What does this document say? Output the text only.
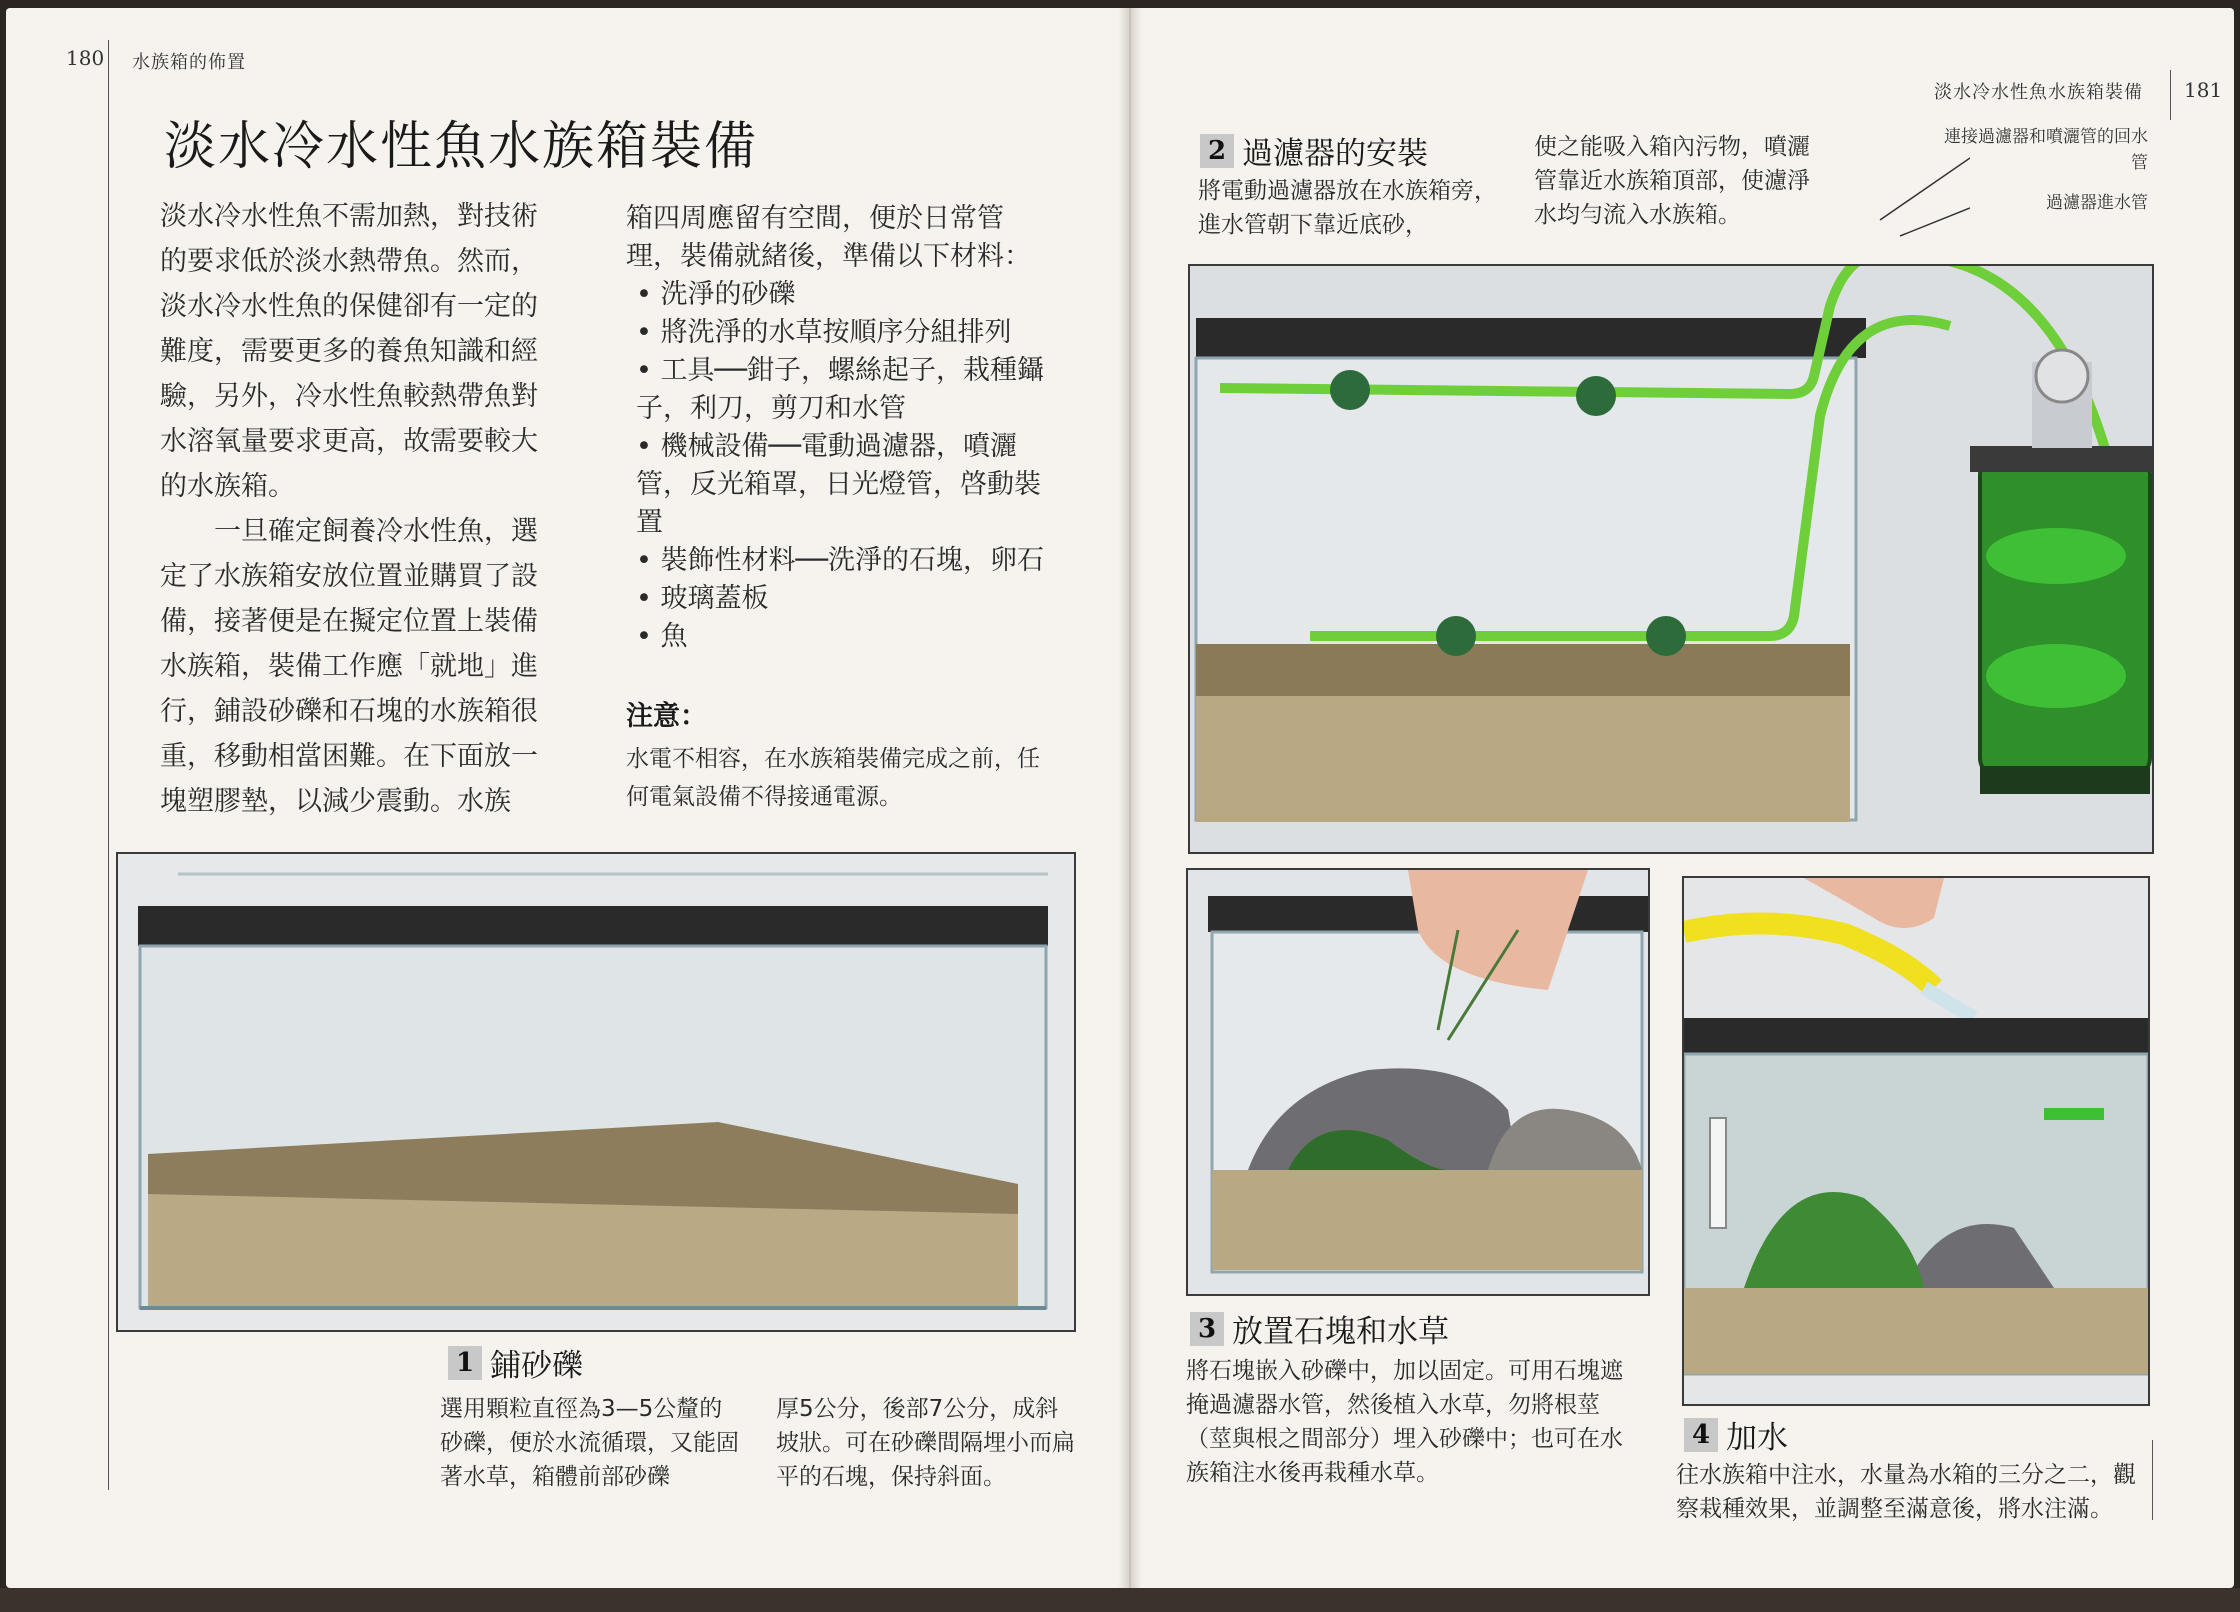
180 水族箱的佈置
淡水冷水性魚水族箱裝備

淡水冷水性魚不需加熱，對技術的要求低於淡水熱帶魚。然而，淡水冷水性魚的保健卻有一定的難度，需要更多的養魚知識和經驗，另外，冷水性魚較熱帶魚對水溶氧量要求更高，故需要較大的水族箱。

一旦確定飼養冷水性魚，選定了水族箱安放位置並購買了設備，接著便是在擬定位置上裝備水族箱，裝備工作應「就地」進行，鋪設砂礫和石塊的水族箱很重，移動相當困難。在下面放一塊塑膠墊，以減少震動。水族

箱四周應留有空間，便於日常管理，裝備就緒後，準備以下材料：
• 洗淨的砂礫
• 將洗淨的水草按順序分組排列
• 工具──鉗子，螺絲起子，栽種鑷子，利刀，剪刀和水管
• 機械設備──電動過濾器，噴灑管，反光箱罩，日光燈管，啓動裝置
• 裝飾性材料──洗淨的石塊，卵石
• 玻璃蓋板
• 魚
注意：
水電不相容，在水族箱裝備完成之前，任何電氣設備不得接通電源。
1 鋪砂礫
選用顆粒直徑為3—5公釐的砂礫，便於水流循環，又能固著水草，箱體前部砂礫
厚5公分，後部7公分，成斜坡狀。可在砂礫間隔埋小而扁平的石塊，保持斜面。
淡水冷水性魚水族箱裝備 181
2 過濾器的安裝
將電動過濾器放在水族箱旁，進水管朝下靠近底砂，
使之能吸入箱內污物，噴灑管靠近水族箱頂部，使濾淨水均勻流入水族箱。
連接過濾器和噴灑管的回水管
過濾器進水管
3 放置石塊和水草
將石塊嵌入砂礫中，加以固定。可用石塊遮掩過濾器水管，然後植入水草，勿將根莖（莖與根之間部分）埋入砂礫中；也可在水族箱注水後再栽種水草。
4 加水
往水族箱中注水，水量為水箱的三分之二，觀察栽種效果，並調整至滿意後，將水注滿。
